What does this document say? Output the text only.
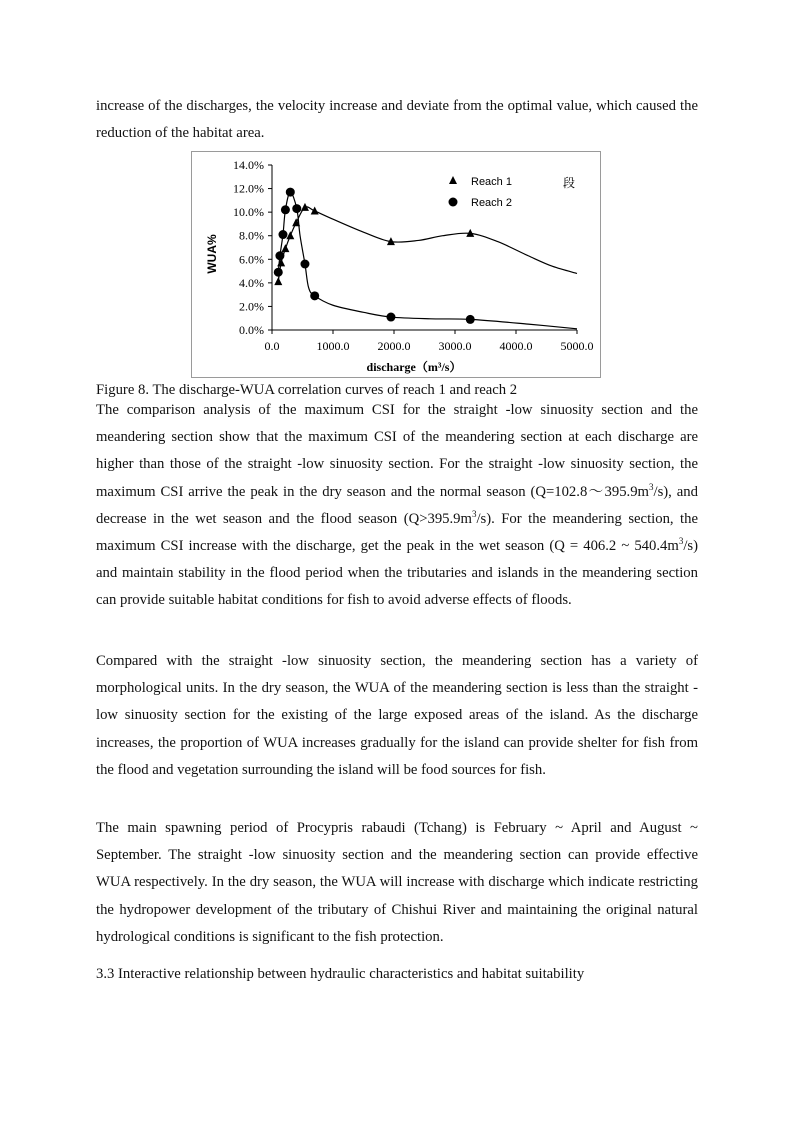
increase of the discharges, the velocity increase and deviate from the optimal value, which caused the reduction of the habitat area.

0.0%
2.0%
4.0%
6.0%
8.0%
10.0%
12.0%
14.0%
0.0	1000.0 2000.0 3000.0 4000.0 5000.0
WUA%
discharge（m³/s）
Reach 1
Reach 2
段
Figure 8. The discharge-WUA correlation curves of reach 1 and reach 2

The comparison analysis of the maximum CSI for the straight -low sinuosity section and the meandering section show that the maximum CSI of the meandering section at each discharge are higher than those of the straight -low sinuosity section. For the straight -low sinuosity section, the maximum CSI arrive the peak in the dry season and the normal season $(Q=102.8\sim 395.9m^3/s)$, and decrease in the wet season and the flood season $(Q>395.9m^3/s)$. For the meandering section, the maximum CSI increase with the discharge, get the peak in the wet season (Q = 406.2 ~ $540.4m^3/s$) and maintain stability in the flood period when the tributaries and islands in the meandering section can provide suitable habitat conditions for fish to avoid adverse effects of floods.

Compared with the straight -low sinuosity section, the meandering section has a variety of morphological units. In the dry season, the WUA of the meandering section is less than the straight -low sinuosity section for the existing of the large exposed areas of the island. As the discharge increases, the proportion of WUA increases gradually for the island can provide shelter for fish from the flood and vegetation surrounding the island will be food sources for fish.

The main spawning period of Procypris rabaudi (Tchang) is February ~ April and August ~ September. The straight -low sinuosity section and the meandering section can provide effective WUA respectively. In the dry season, the WUA will increase with discharge which indicate restricting the hydropower development of the tributary of Chishui River and maintaining the original natural hydrological conditions is significant to the fish protection.

3.3 Interactive relationship between hydraulic characteristics and habitat suitability
